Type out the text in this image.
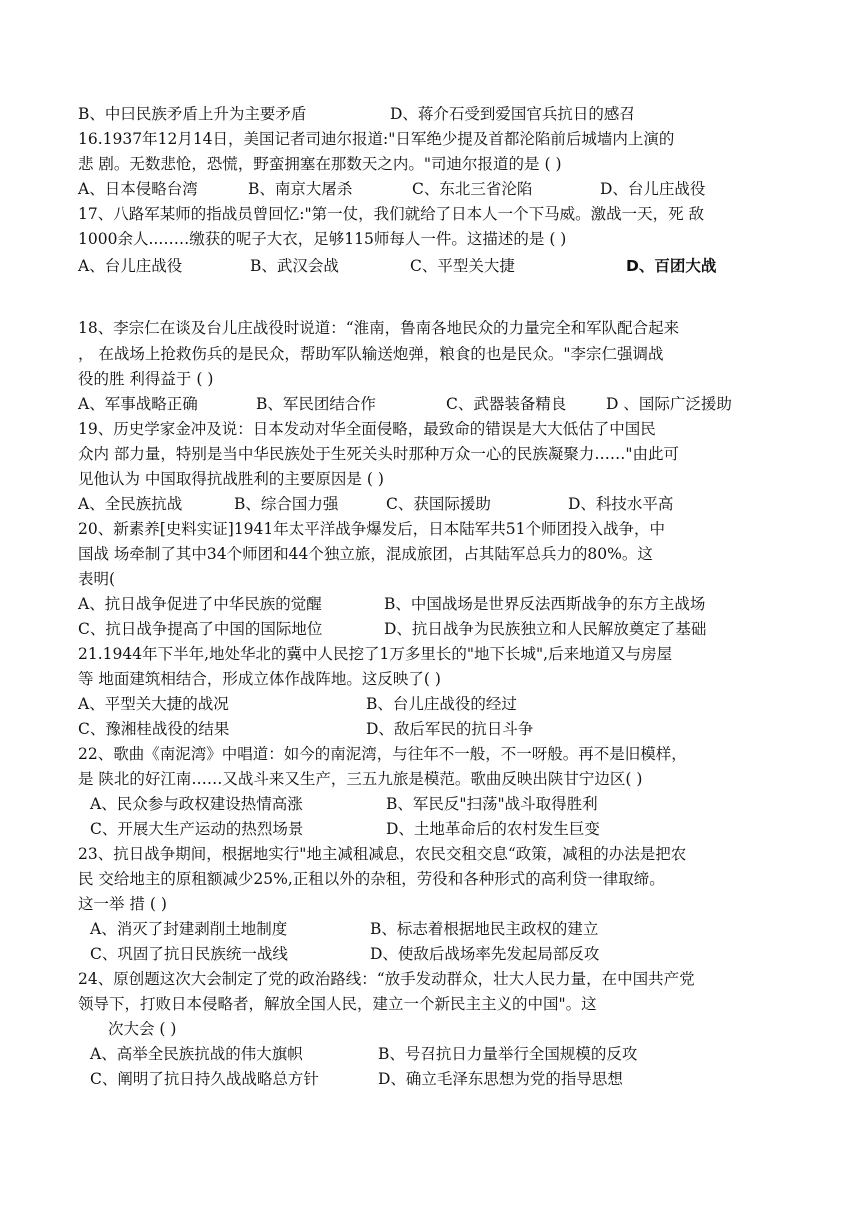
B、中曰民族矛盾上升为主要矛盾	D、蒋介石受到爱国官兵抗日的感召
16.1937年12月14日，美国记者司迪尔报道:"日军绝少提及首都沦陷前后城墙内上演的
悲 剧。无数悲怆，恐慌，野蛮拥塞在那数天之内。"司迪尔报道的是 ( )
A、日本侵略台湾	B、南京大屠杀	C、东北三省沦陷	D、台儿庄战役
17、八路军某师的指战员曾回忆:"第一仗，我们就给了日本人一个下马威。激战一天，死 敌
1000余人..……缴获的呢子大衣，足够115师每人一件。这描述的是 ( )
A、台儿庄战役	B、武汉会战	C、平型关大捷	D、百团大战
18、李宗仁在谈及台儿庄战役时说道：“淮南，鲁南各地民众的力量完全和军队配合起来
， 在战场上抢救伤兵的是民众，帮助军队输送炮弹，粮食的也是民众。"李宗仁强调战
役的胜 利得益于 ( )
A、军事战略正确	B、军民团结合作	C、武器装备精良	D 、国际广泛援助
19、历史学家金冲及说：日本发动对华全面侵略，最致命的错误是大大低估了中国民
众内 部力量，特别是当中华民族处于生死关头时那种万众一心的民族凝聚力……"由此可
见他认为 中国取得抗战胜利的主要原因是 ( )
A、全民族抗战	B、综合国力强	C、获国际援助	D、科技水平高
20、新素养[史料实证]1941年太平洋战争爆发后，日本陆军共51个师团投入战争，中
国战 场牵制了其中34个师团和44个独立旅，混成旅团，占其陆军总兵力的80%。这
表明(
A、抗日战争促进了中华民族的觉醒	B、中国战场是世界反法西斯战争的东方主战场
C、抗日战争提高了中国的国际地位	D、抗日战争为民族独立和人民解放奠定了基础
21.1944年下半年,地处华北的冀中人民挖了1万多里长的"地下长城",后来地道又与房屋
等 地面建筑相结合，形成立体作战阵地。这反映了( )
A、平型关大捷的战况	B、台儿庄战役的经过
C、豫湘桂战役的结果	D、敌后军民的抗日斗争
22、歌曲《南泥湾》中唱道：如今的南泥湾，与往年不一般，不一呀般。再不是旧模样，
是 陕北的好江南……又战斗来又生产，三五九旅是模范。歌曲反映出陕甘宁边区( )
A、民众参与政权建设热情高涨	B、军民反"扫荡"战斗取得胜利
C、开展大生产运动的热烈场景	D、土地革命后的农村发生巨变
23、抗日战争期间，根据地实行"地主减租减息，农民交租交息“政策，减租的办法是把农
民 交给地主的原租额减少25%,正租以外的杂租，劳役和各种形式的高利贷一律取缔。
这一举 措 ( )
A、消灭了封建剥削土地制度	B、标志着根据地民主政权的建立
C、巩固了抗日民族统一战线	D、使敌后战场率先发起局部反攻
24、原创题这次大会制定了党的政治路线：“放手发动群众，壮大人民力量，在中国共产党
领导下，打败日本侵略者，解放全国人民，建立一个新民主主义的中国"。这
次大会 ( )
A、高举全民族抗战的伟大旗帜	B、号召抗日力量举行全国规模的反攻
C、阐明了抗日持久战战略总方针	D、确立毛泽东思想为党的指导思想
